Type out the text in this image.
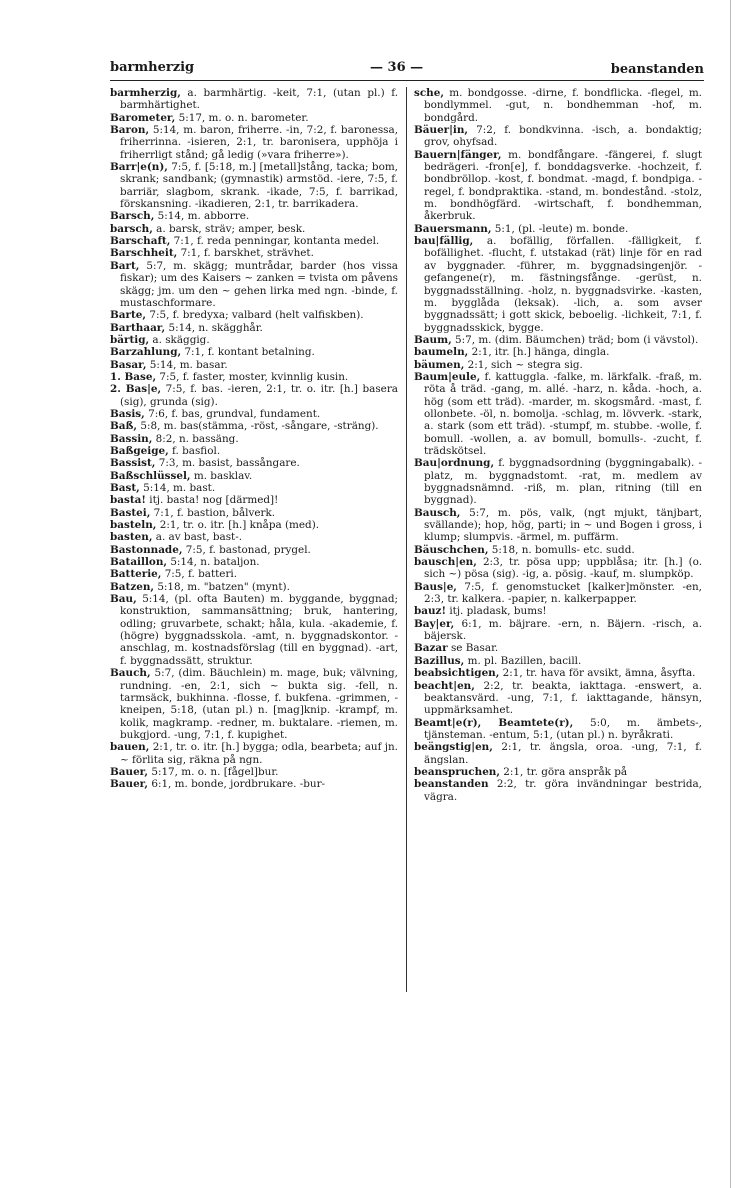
barmherzig	— 36 —	beanstanden

barmherzig, a. barmhärtig. -keit, 7:1, (utan pl.) f. barmhärtighet.

Barometer, 5:17, m. o. n. barometer.

Baron, 5:14, m. baron, friherre. -in, 7:2, f. baronessa, friherrinna. -isieren, 2:1, tr. baronisera, upphöja i friherrligt stånd; gå ledig (»vara friherre»).

Barr|e(n), 7:5, f. [5:18, m.] [metall]stång, tacka; bom, skrank; sandbank; (gymnastik) armstöd. -iere, 7:5, f. barriär, slagbom, skrank. -ikade, 7:5, f. barrikad, förskansning. -ikadieren, 2:1, tr. barrikadera.

Barsch, 5:14, m. abborre.

barsch, a. barsk, sträv; amper, besk.

Barschaft, 7:1, f. reda penningar, kontanta medel.

Barschheit, 7:1, f. barskhet, strävhet.

Bart, 5:7, m. skägg; muntrådar, barder (hos vissa fiskar); um des Kaisers ~ zanken = tvista om påvens skägg; jm. um den ~ gehen lirka med ngn. -binde, f. mustaschformare.

Barte, 7:5, f. bredyxa; valbard (helt valfiskben).

Barthaar, 5:14, n. skägghår.

bärtig, a. skäggig.

Barzahlung, 7:1, f. kontant betalning.

Basar, 5:14, m. basar.

1. Base, 7:5, f. faster, moster, kvinnlig kusin.

2. Bas|e, 7:5, f. bas. -ieren, 2:1, tr. o. itr. [h.] basera (sig), grunda (sig).

Basis, 7:6, f. bas, grundval, fundament.

Baß, 5:8, m. bas(stämma, -röst, -sångare, -sträng).

Bassin, 8:2, n. bassäng.

Baßgeige, f. basfiol.

Bassist, 7:3, m. basist, bassångare.

Baßschlüssel, m. basklav.

Bast, 5:14, m. bast.

basta! itj. basta! nog [därmed]!

Bastei, 7:1, f. bastion, bålverk.

basteln, 2:1, tr. o. itr. [h.] knåpa (med).

basten, a. av bast, bast-.

Bastonnade, 7:5, f. bastonad, prygel.

Bataillon, 5:14, n. bataljon.

Batterie, 7:5, f. batteri.

Batzen, 5:18, m. "batzen" (mynt).

Bau, 5:14, (pl. ofta Bauten) m. byggande, byggnad; konstruktion, sammansättning; bruk, hantering, odling; gruvarbete, schakt; håla, kula. -akademie, f. (högre) byggnadsskola. -amt, n. byggnadskontor. -anschlag, m. kostnadsförslag (till en byggnad). -art, f. byggnadssätt, struktur.

Bauch, 5:7, (dim. Bäuchlein) m. mage, buk; välvning, rundning. -en, 2:1, sich ~ bukta sig. -fell, n. tarmsäck, bukhinna. -flosse, f. bukfena. -grimmen, -kneipen, 5:18, (utan pl.) n. [mag]knip. -krampf, m. kolik, magkramp. -redner, m. buktalare. -riemen, m. bukgjord. -ung, 7:1, f. kupighet.

bauen, 2:1, tr. o. itr. [h.] bygga; odla, bearbeta; auf jn. ~ förlita sig, räkna på ngn.

Bauer, 5:17, m. o. n. [fågel]bur.

Bauer, 6:1, m. bonde, jordbrukare. -bur-

sche, m. bondgosse. -dirne, f. bondflicka. -flegel, m. bondlymmel. -gut, n. bondhemman -hof, m. bondgård.

Bäuer|in, 7:2, f. bondkvinna. -isch, a. bondaktig; grov, ohyfsad.

Bauern|fänger, m. bondfångare. -fängerei, f. slugt bedrägeri. -fron[e], f. bonddagsverke. -hochzeit, f. bondbröllop. -kost, f. bondmat. -magd, f. bondpiga. -regel, f. bondpraktika. -stand, m. bondestånd. -stolz, m. bondhögfärd. -wirtschaft, f. bondhemman, åkerbruk.

Bauersmann, 5:1, (pl. -leute) m. bonde.

bau|fällig, a. bofällig, förfallen. -fälligkeit, f. bofällighet. -flucht, f. utstakad (rät) linje för en rad av byggnader. -führer, m. byggnadsingenjör. -gefangene(r), m. fästningsfånge. -gerüst, n. byggnadsställning. -holz, n. byggnadsvirke. -kasten, m. bygglåda (leksak). -lich, a. som avser byggnadssätt; i gott skick, beboelig. -lichkeit, 7:1, f. byggnadsskick, bygge.

Baum, 5:7, m. (dim. Bäumchen) träd; bom (i vävstol).

baumeln, 2:1, itr. [h.] hänga, dingla.

bäumen, 2:1, sich ~ stegra sig.

Baum|eule, f. kattuggla. -falke, m. lärkfalk. -fraß, m. röta å träd. -gang, m. allé. -harz, n. kåda. -hoch, a. hög (som ett träd). -marder, m. skogsmård. -mast, f. ollonbete. -öl, n. bomolja. -schlag, m. lövverk. -stark, a. stark (som ett träd). -stumpf, m. stubbe. -wolle, f. bomull. -wollen, a. av bomull, bomulls-. -zucht, f. trädskötsel.

Bau|ordnung, f. byggnadsordning (byggningabalk). -platz, m. byggnadstomt. -rat, m. medlem av byggnadsnämnd. -riß, m. plan, ritning (till en byggnad).

Bausch, 5:7, m. pös, valk, (ngt mjukt, tänjbart, svällande); hop, hög, parti; in ~ und Bogen i gross, i klump; slumpvis. -ärmel, m. puffärm.

Bäuschchen, 5:18, n. bomulls- etc. sudd.

bausch|en, 2:3, tr. pösa upp; uppblåsa; itr. [h.] (o. sich ~) pösa (sig). -ig, a. pösig. -kauf, m. slumpköp.

Baus|e, 7:5, f. genomstucket [kalker]mönster. -en, 2:3, tr. kalkera. -papier, n. kalkerpapper.

bauz! itj. pladask, bums!

Bay|er, 6:1, m. bäjrare. -ern, n. Bäjern. -risch, a. bäjersk.

Bazar se Basar.

Bazillus, m. pl. Bazillen, bacill.

beabsichtigen, 2:1, tr. hava för avsikt, ämna, åsyfta.

beacht|en, 2:2, tr. beakta, iakttaga. -enswert, a. beaktansvärd. -ung, 7:1, f. iakttagande, hänsyn, uppmärksamhet.

Beamt|e(r), Beamtete(r), 5:0, m. ämbets-, tjänsteman. -entum, 5:1, (utan pl.) n. byråkrati.

beängstig|en, 2:1, tr. ängsla, oroa. -ung, 7:1, f. ängslan.

beanspruchen, 2:1, tr. göra anspråk på

beanstanden 2:2, tr. göra invändningar bestrida, vägra.
